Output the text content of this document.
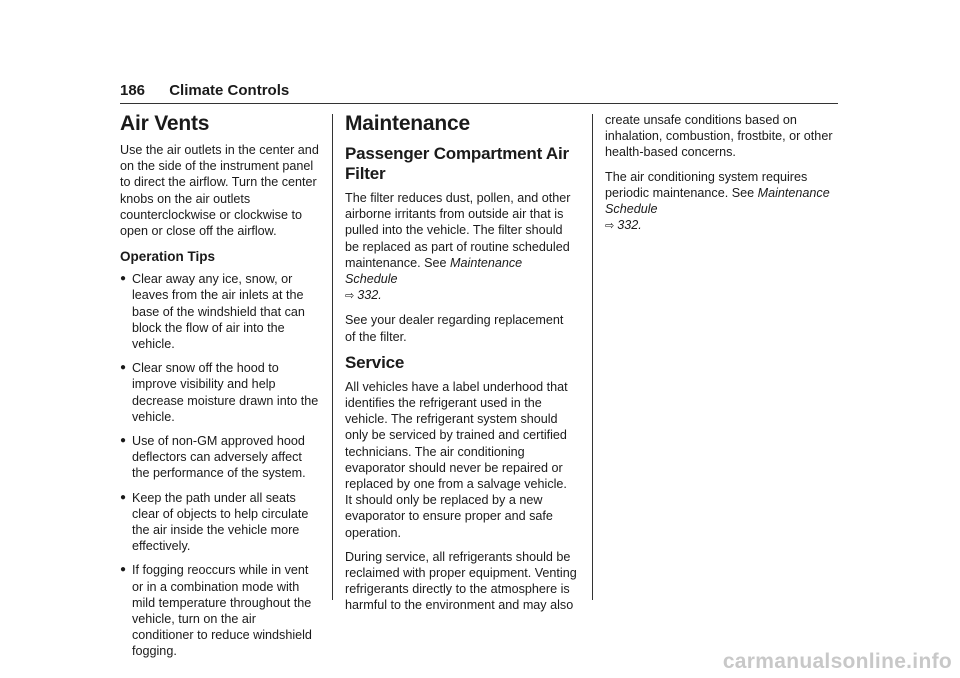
186 Climate Controls
Air Vents

Use the air outlets in the center and on the side of the instrument panel to direct the airflow. Turn the center knobs on the air outlets counterclockwise or clockwise to open or close off the airflow.

Operation Tips
● Clear away any ice, snow, or leaves from the air inlets at the base of the windshield that can block the flow of air into the vehicle.
● Clear snow off the hood to improve visibility and help decrease moisture drawn into the vehicle.
● Use of non-GM approved hood deflectors can adversely affect the performance of the system.
● Keep the path under all seats clear of objects to help circulate the air inside the vehicle more effectively.
● If fogging reoccurs while in vent or in a combination mode with mild temperature throughout the vehicle, turn on the air conditioner to reduce windshield fogging.
Maintenance
Passenger Compartment Air Filter

The filter reduces dust, pollen, and other airborne irritants from outside air that is pulled into the vehicle. The filter should be replaced as part of routine scheduled maintenance. See Maintenance Schedule

⇨ 332.

See your dealer regarding replacement of the filter.

Service

All vehicles have a label underhood that identifies the refrigerant used in the vehicle. The refrigerant system should only be serviced by trained and certified technicians. The air conditioning evaporator should never be repaired or replaced by one from a salvage vehicle. It should only be replaced by a new evaporator to ensure proper and safe operation.

During service, all refrigerants should be reclaimed with proper equipment. Venting refrigerants directly to the atmosphere is harmful to the environment and may also

create unsafe conditions based on inhalation, combustion, frostbite, or other health-based concerns.

The air conditioning system requires periodic maintenance. See Maintenance Schedule

⇨ 332.

carmanualsonline.info
